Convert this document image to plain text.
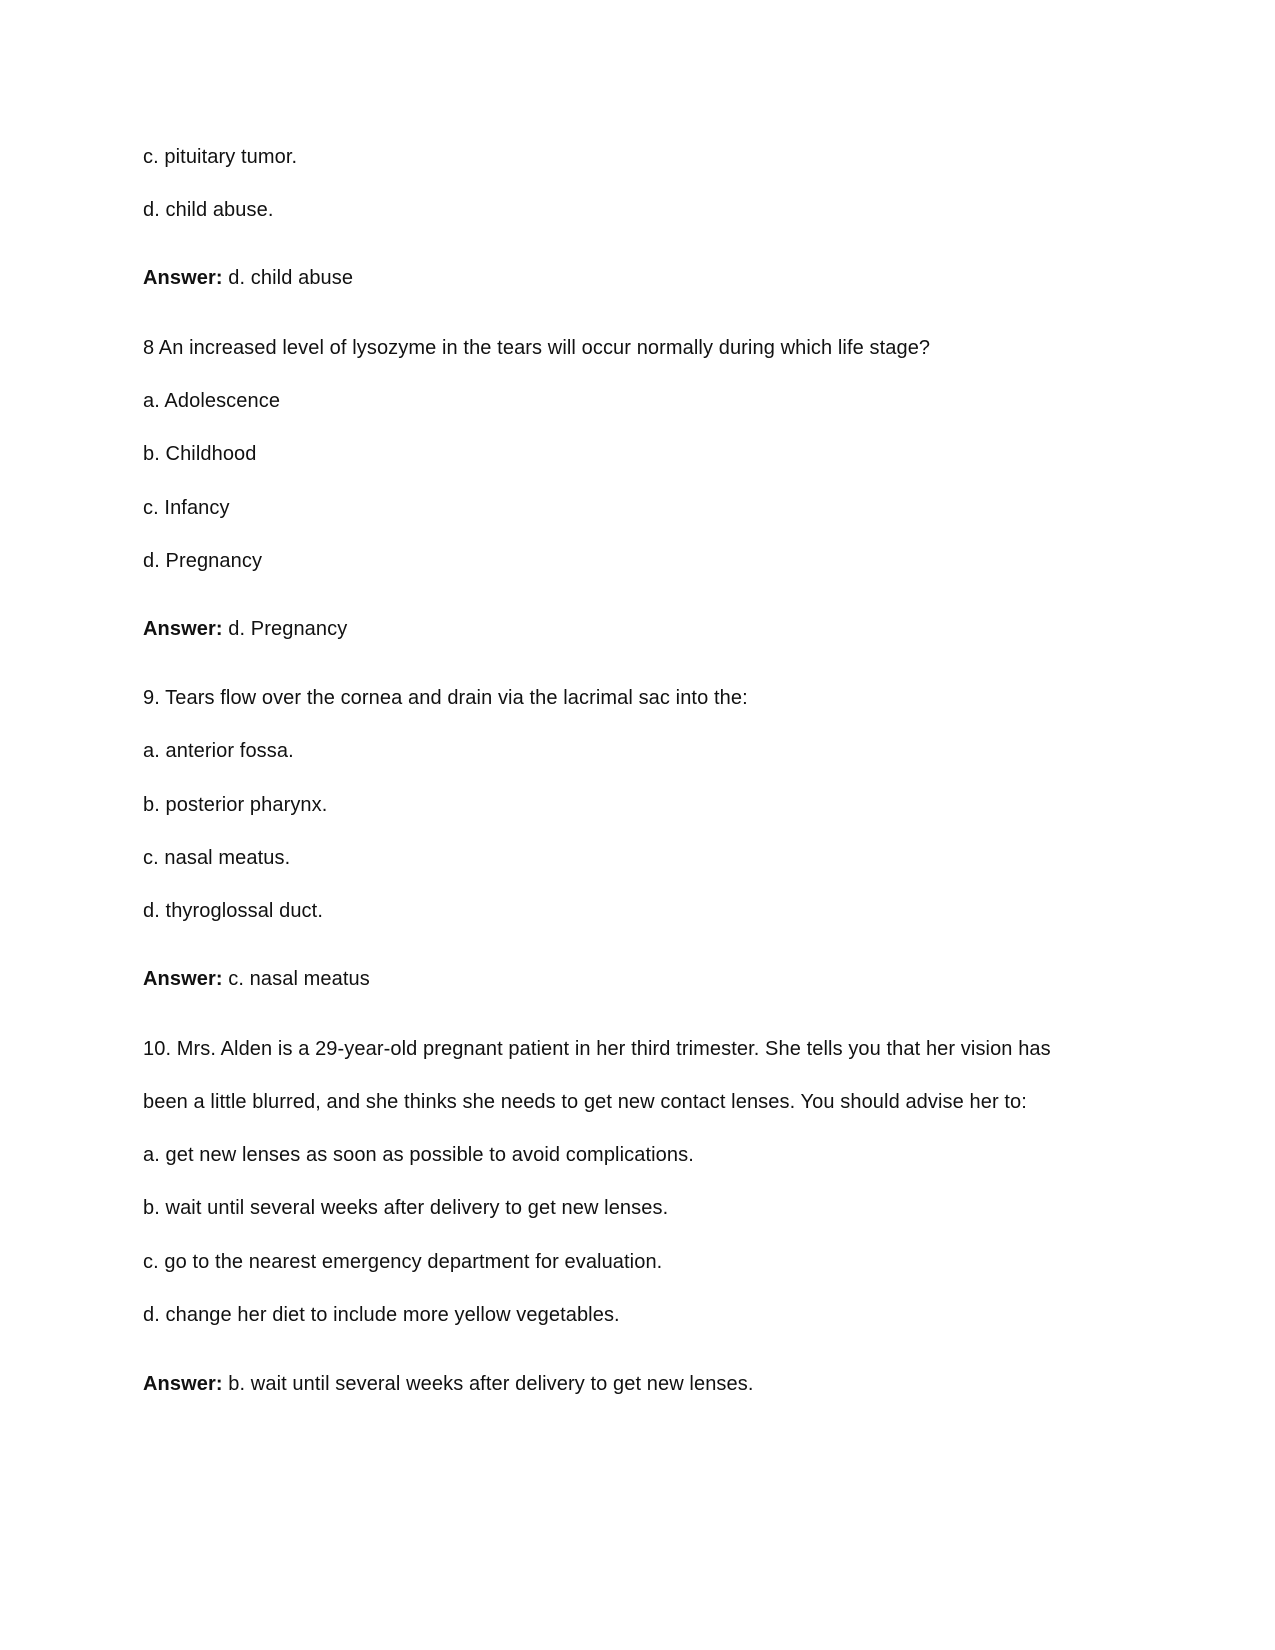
c. pituitary tumor.
d. child abuse.
Answer: d. child abuse
8 An increased level of lysozyme in the tears will occur normally during which life stage?
a. Adolescence
b. Childhood
c. Infancy
d. Pregnancy
Answer: d. Pregnancy
9. Tears flow over the cornea and drain via the lacrimal sac into the:
a. anterior fossa.
b. posterior pharynx.
c. nasal meatus.
d. thyroglossal duct.
Answer: c. nasal meatus
10. Mrs. Alden is a 29-year-old pregnant patient in her third trimester. She tells you that her vision has
been a little blurred, and she thinks she needs to get new contact lenses. You should advise her to:
a. get new lenses as soon as possible to avoid complications.
b. wait until several weeks after delivery to get new lenses.
c. go to the nearest emergency department for evaluation.
d. change her diet to include more yellow vegetables.
Answer: b. wait until several weeks after delivery to get new lenses.
